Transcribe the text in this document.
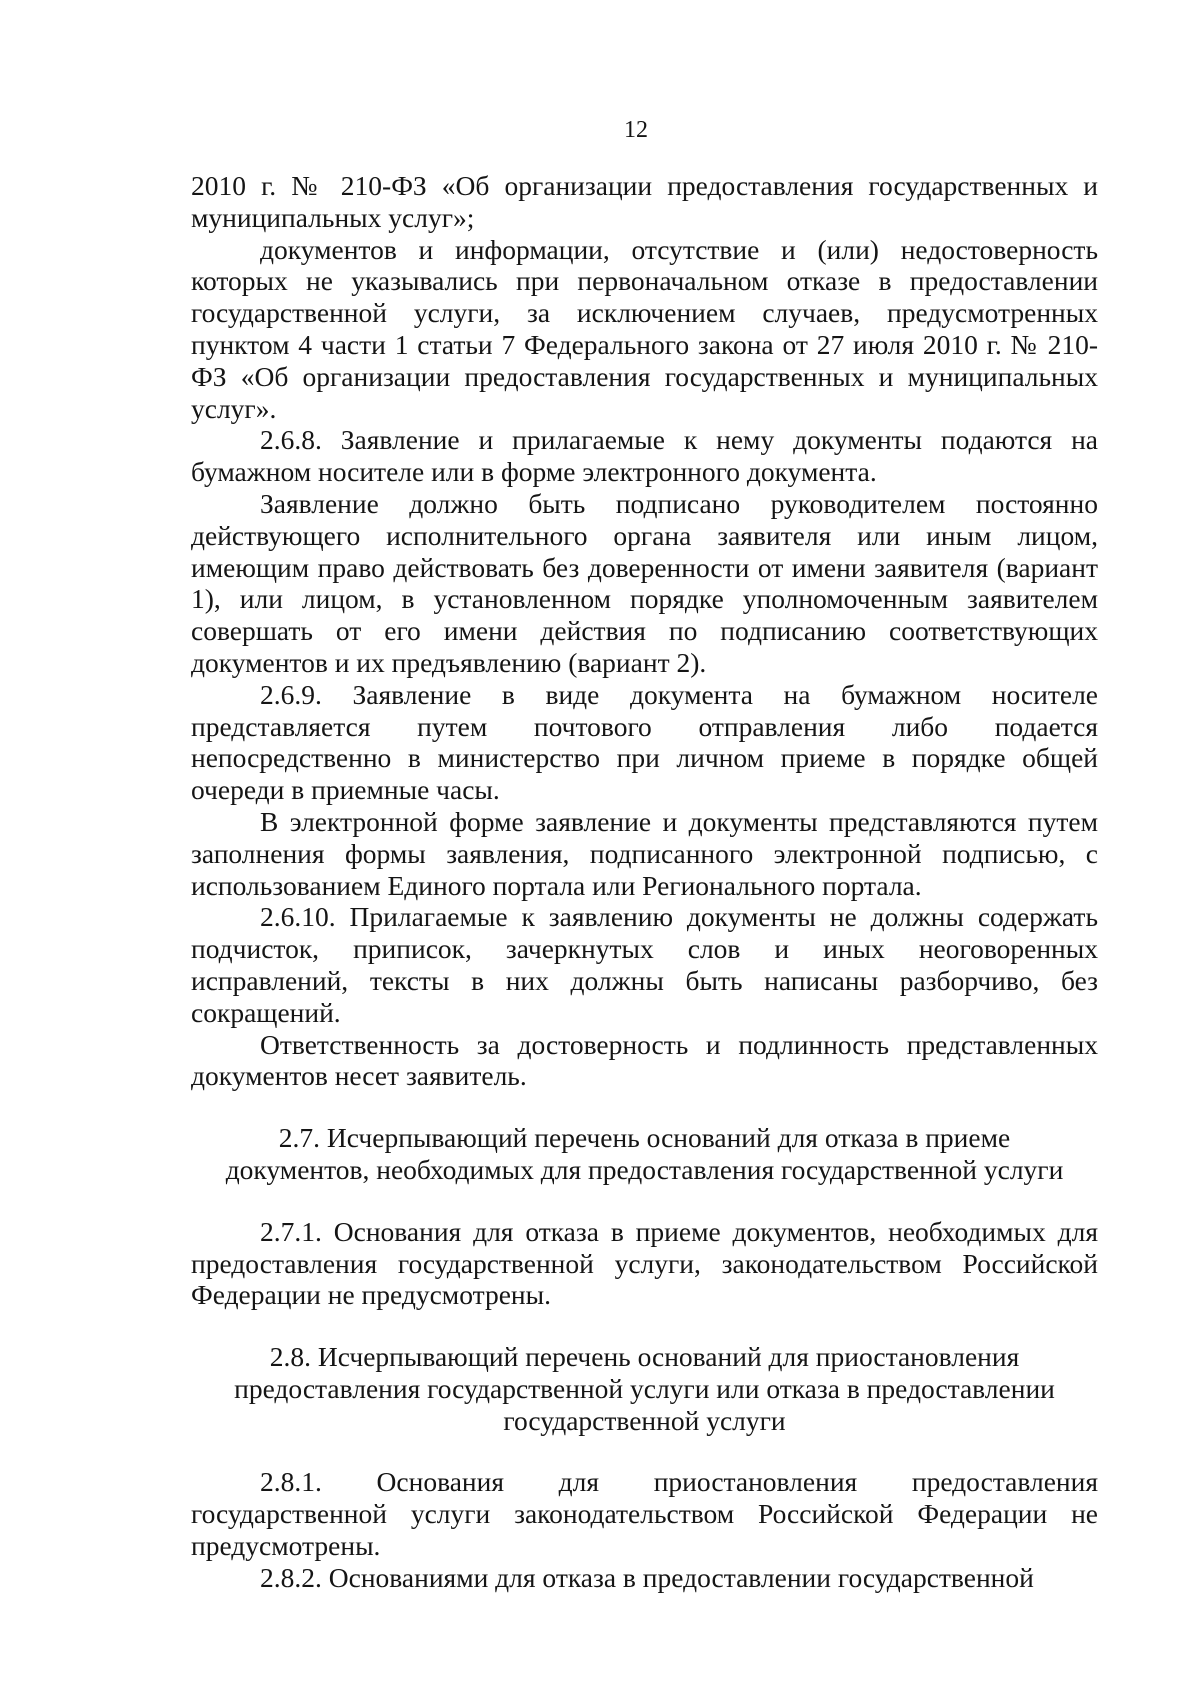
12

2010 г. № 210-ФЗ «Об организации предоставления государственных и муниципальных услуг»;

документов и информации, отсутствие и (или) недостоверность которых не указывались при первоначальном отказе в предоставлении государственной услуги, за исключением случаев, предусмотренных пунктом 4 части 1 статьи 7 Федерального закона от 27 июля 2010 г. № 210-ФЗ «Об организации предоставления государственных и муниципальных услуг».

2.6.8. Заявление и прилагаемые к нему документы подаются на бумажном носителе или в форме электронного документа.

Заявление должно быть подписано руководителем постоянно действующего исполнительного органа заявителя или иным лицом, имеющим право действовать без доверенности от имени заявителя (вариант 1), или лицом, в установленном порядке уполномоченным заявителем совершать от его имени действия по подписанию соответствующих документов и их предъявлению (вариант 2).

2.6.9. Заявление в виде документа на бумажном носителе представляется путем почтового отправления либо подается непосредственно в министерство при личном приеме в порядке общей очереди в приемные часы.

В электронной форме заявление и документы представляются путем заполнения формы заявления, подписанного электронной подписью, с использованием Единого портала или Регионального портала.

2.6.10. Прилагаемые к заявлению документы не должны содержать подчисток, приписок, зачеркнутых слов и иных неоговоренных исправлений, тексты в них должны быть написаны разборчиво, без сокращений.

Ответственность за достоверность и подлинность представленных документов несет заявитель.

2.7. Исчерпывающий перечень оснований для отказа в приеме документов, необходимых для предоставления государственной услуги

2.7.1. Основания для отказа в приеме документов, необходимых для предоставления государственной услуги, законодательством Российской Федерации не предусмотрены.

2.8. Исчерпывающий перечень оснований для приостановления предоставления государственной услуги или отказа в предоставлении государственной услуги

2.8.1. Основания для приостановления предоставления государственной услуги законодательством Российской Федерации не предусмотрены.

2.8.2. Основаниями для отказа в предоставлении государственной
